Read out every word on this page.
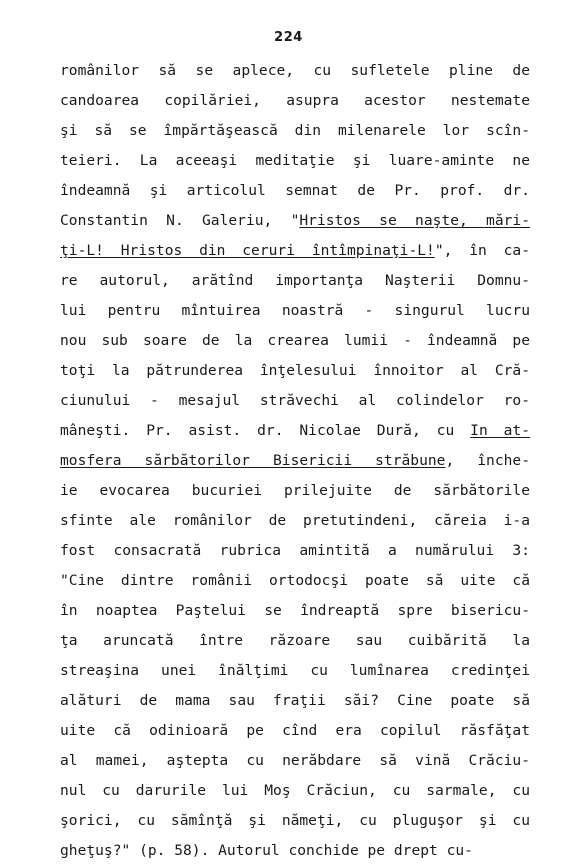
224
românilor să se aplece, cu sufletele pline de
candoarea copilăriei, asupra acestor nestemate
şi să se împărtăşească din milenarele lor scîn-
teieri. La aceeaşi meditaţie şi luare-aminte ne
îndeamnă şi articolul semnat de Pr. prof. dr.
Constantin N. Galeriu, "Hristos se naşte, mări-
ţi-L! Hristos din ceruri întîmpinaţi-L!", în ca-
re autorul, arătînd importanţa Naşterii Domnu-
lui pentru mîntuirea noastră - singurul lucru
nou sub soare de la crearea lumii - îndeamnă pe
toţi la pătrunderea înţelesului înnoitor al Cră-
ciunului - mesajul străvechi al colindelor ro-
mâneşti. Pr. asist. dr. Nicolae Dură, cu In at-
mosfera sărbătorilor Bisericii străbune, înche-
ie evocarea bucuriei prilejuite de sărbătorile
sfinte ale românilor de pretutindeni, căreia i-a
fost consacrată rubrica amintită a numărului 3:
"Cine dintre românii ortodocşi poate să uite că
în noaptea Paştelui se îndreaptă spre bisericu-
ţa aruncată între răzoare sau cuibărită la
streaşina unei înălţimi cu lumînarea credinţei
alături de mama sau fraţii săi? Cine poate să
uite că odinioară pe cînd era copilul răsfăţat
al mamei, aştepta cu nerăbdare să vină Crăciu-
nul cu darurile lui Moş Crăciun, cu sarmale, cu
şorici, cu sămînţă şi nămeţi, cu pluguşor şi cu
gheţuş?" (p. 58). Autorul conchide pe drept cu-
